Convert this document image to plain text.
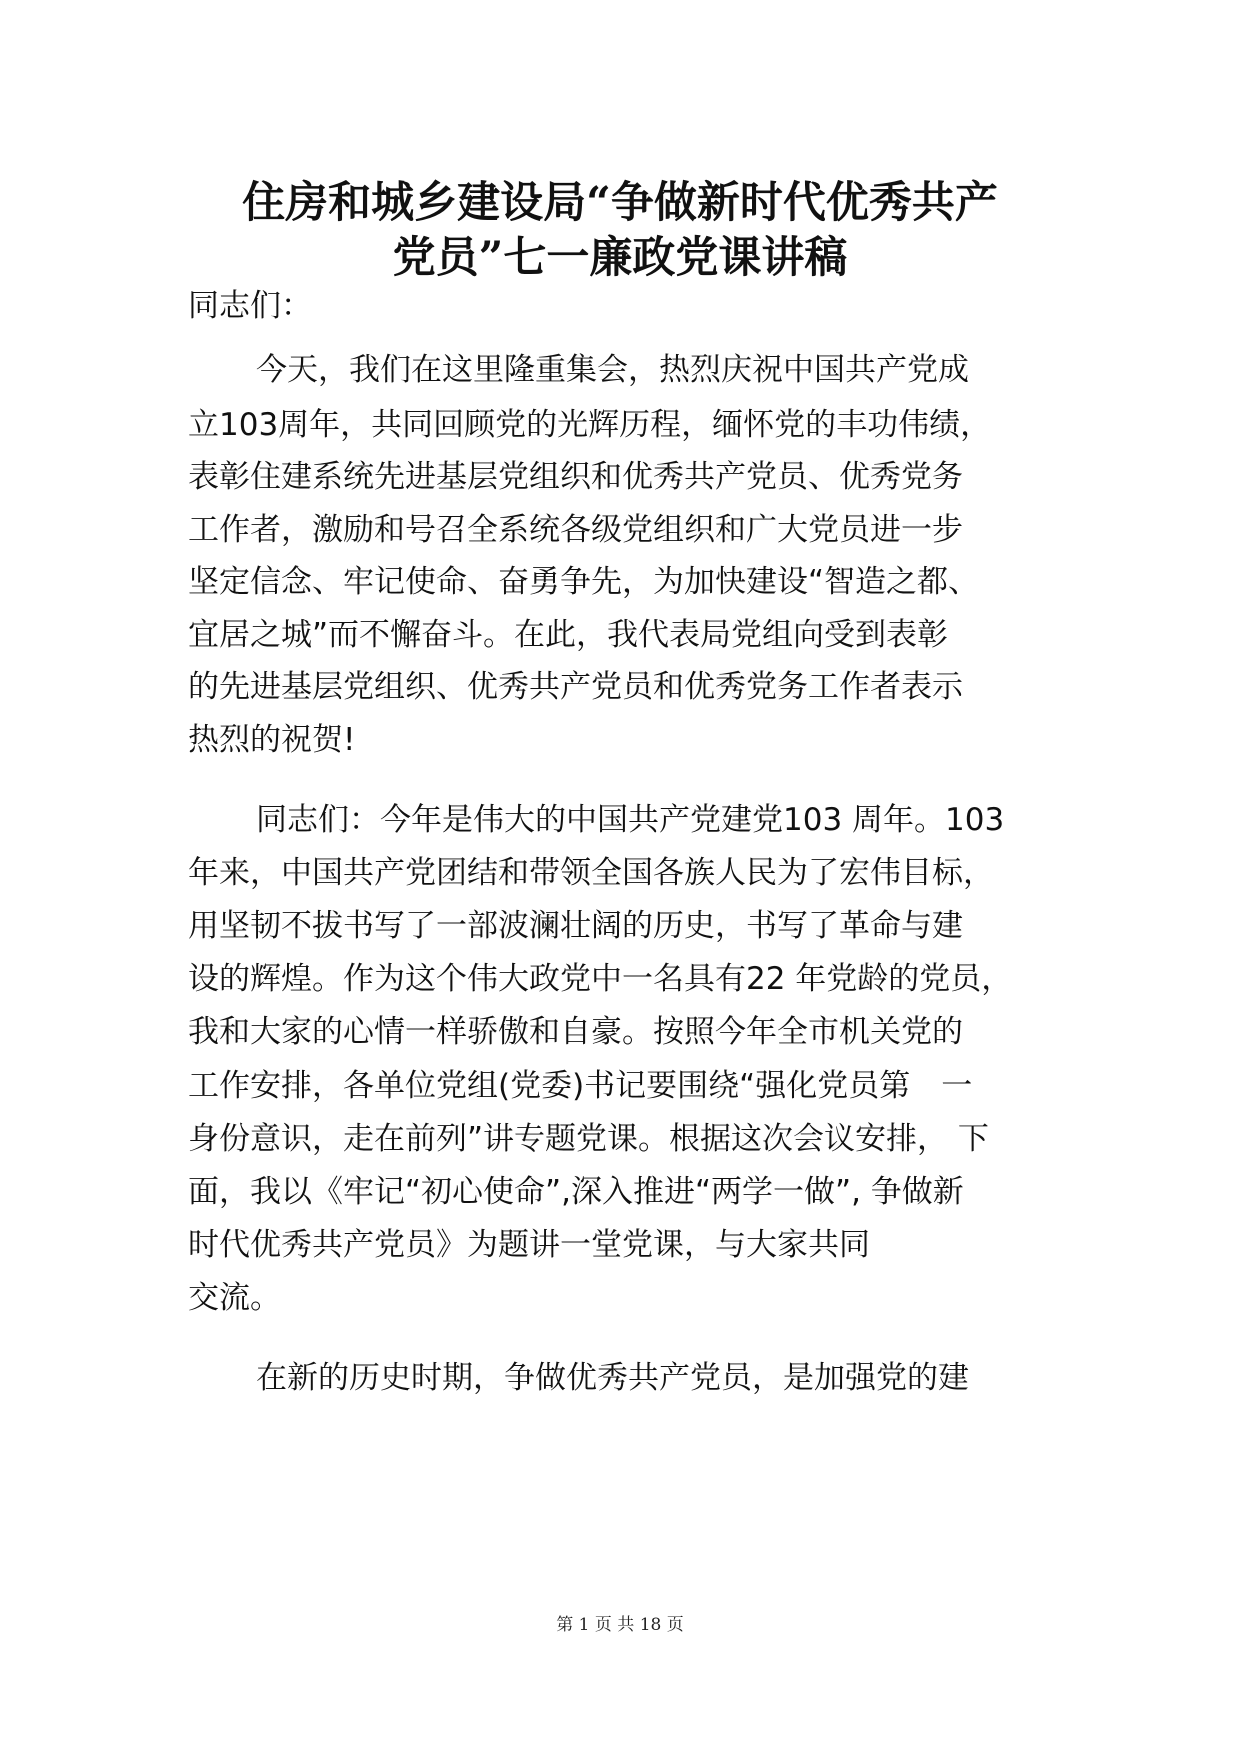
住房和城乡建设局“争做新时代优秀共产
党员”七一廉政党课讲稿

同志们：

今天，我们在这里隆重集会，热烈庆祝中国共产党成

立103周年，共同回顾党的光辉历程，缅怀党的丰功伟绩，

表彰住建系统先进基层党组织和优秀共产党员、优秀党务

工作者，激励和号召全系统各级党组织和广大党员进一步

坚定信念、牢记使命、奋勇争先，为加快建设“智造之都、

宜居之城”而不懈奋斗。在此，我代表局党组向受到表彰

的先进基层党组织、优秀共产党员和优秀党务工作者表示

热烈的祝贺!

同志们：今年是伟大的中国共产党建党103 周年。103

年来，中国共产党团结和带领全国各族人民为了宏伟目标，

用坚韧不拔书写了一部波澜壮阔的历史，书写了革命与建

设的辉煌。作为这个伟大政党中一名具有22 年党龄的党员，

我和大家的心情一样骄傲和自豪。按照今年全市机关党的

工作安排，各单位党组(党委)书记要围绕“强化党员第　一

身份意识，走在前列”讲专题党课。根据这次会议安排， 下

面，我以《牢记“初心使命”,深入推进“两学一做”, 争做新

时代优秀共产党员》为题讲一堂党课，与大家共同

交流。

在新的历史时期，争做优秀共产党员，是加强党的建

第 1 页 共 18 页
